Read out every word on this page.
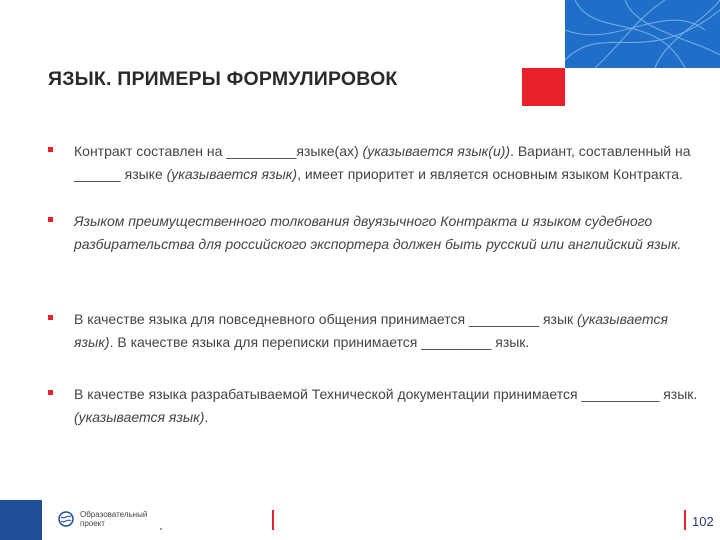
ЯЗЫК. ПРИМЕРЫ ФОРМУЛИРОВОК
Контракт составлен на _________языке(ах) (указывается язык(и)). Вариант, составленный на ______ языке (указывается язык), имеет приоритет и является основным языком Контракта.
Языком преимущественного толкования двуязычного Контракта и языком судебного разбирательства для российского экспортера должен быть русский или английский язык.
В качестве языка для повседневного общения принимается _________ язык (указывается язык). В качестве языка для переписки принимается _________ язык.
В качестве языка разрабатываемой Технической документации принимается __________ язык. (указывается язык).
Образовательный
проект	102
